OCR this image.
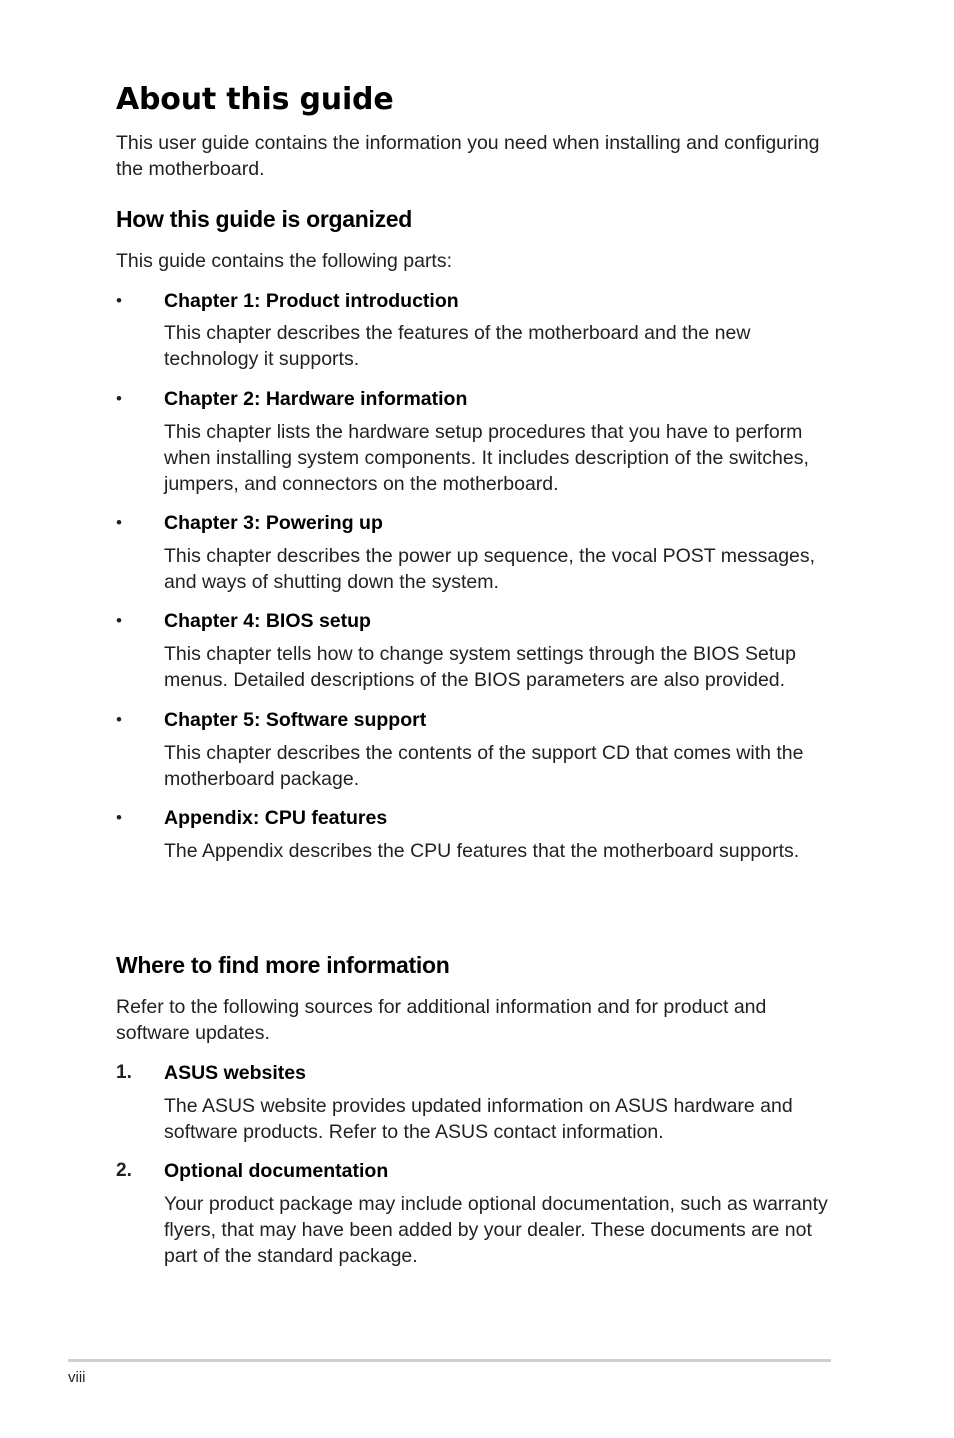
About this guide

This user guide contains the information you need when installing and configuring the motherboard.

How this guide is organized

This guide contains the following parts:

• Chapter 1: Product introduction

This chapter describes the features of the motherboard and the new technology it supports.

• Chapter 2: Hardware information

This chapter lists the hardware setup procedures that you have to perform when installing system components. It includes description of the switches, jumpers, and connectors on the motherboard.

• Chapter 3: Powering up

This chapter describes the power up sequence, the vocal POST messages, and ways of shutting down the system.

• Chapter 4: BIOS setup

This chapter tells how to change system settings through the BIOS Setup menus. Detailed descriptions of the BIOS parameters are also provided.

• Chapter 5: Software support

This chapter describes the contents of the support CD that comes with the motherboard package.

• Appendix: CPU features

The Appendix describes the CPU features that the motherboard supports.

Where to find more information

Refer to the following sources for additional information and for product and software updates.

1. ASUS websites

The ASUS website provides updated information on ASUS hardware and software products. Refer to the ASUS contact information.

2. Optional documentation

Your product package may include optional documentation, such as warranty flyers, that may have been added by your dealer. These documents are not part of the standard package.

viii
